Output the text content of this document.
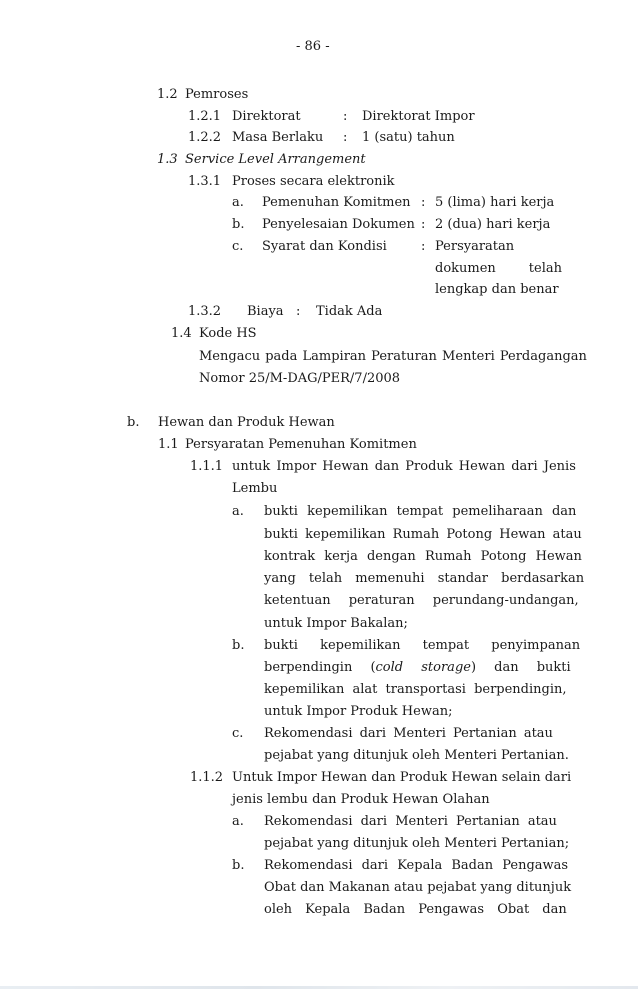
- 86 -
1.2 Pemroses
1.2.1 Direktorat	: Direktorat Impor
1.2.2 Masa Berlaku : 1 (satu) tahun
1.3 Service Level Arrangement
1.3.1 Proses secara elektronik
a. Pemenuhan Komitmen : 5 (lima) hari kerja
b. Penyelesaian Dokumen : 2 (dua) hari kerja
c. Syarat dan Kondisi	: Persyaratan
dokumen	telah
lengkap dan benar
1.3.2 Biaya : Tidak Ada
1.4 Kode HS
Mengacu pada Lampiran Peraturan Menteri Perdagangan
Nomor 25/M-DAG/PER/7/2008
b. Hewan dan Produk Hewan
1.1 Persyaratan Pemenuhan Komitmen
1.1.1 untuk Impor Hewan dan Produk Hewan dari Jenis
Lembu
a. bukti kepemilikan tempat pemeliharaan dan
bukti kepemilikan Rumah Potong Hewan atau
kontrak kerja dengan Rumah Potong Hewan
yang telah memenuhi standar berdasarkan
ketentuan peraturan perundang-undangan,
untuk Impor Bakalan;
b. bukti kepemilikan tempat penyimpanan
berpendingin (cold storage) dan bukti
kepemilikan alat transportasi berpendingin,
untuk Impor Produk Hewan;
c. Rekomendasi dari Menteri Pertanian atau
pejabat yang ditunjuk oleh Menteri Pertanian.
1.1.2 Untuk Impor Hewan dan Produk Hewan selain dari
jenis lembu dan Produk Hewan Olahan
a. Rekomendasi dari Menteri Pertanian atau
pejabat yang ditunjuk oleh Menteri Pertanian;
b. Rekomendasi dari Kepala Badan Pengawas
Obat dan Makanan atau pejabat yang ditunjuk
oleh Kepala Badan Pengawas Obat dan
